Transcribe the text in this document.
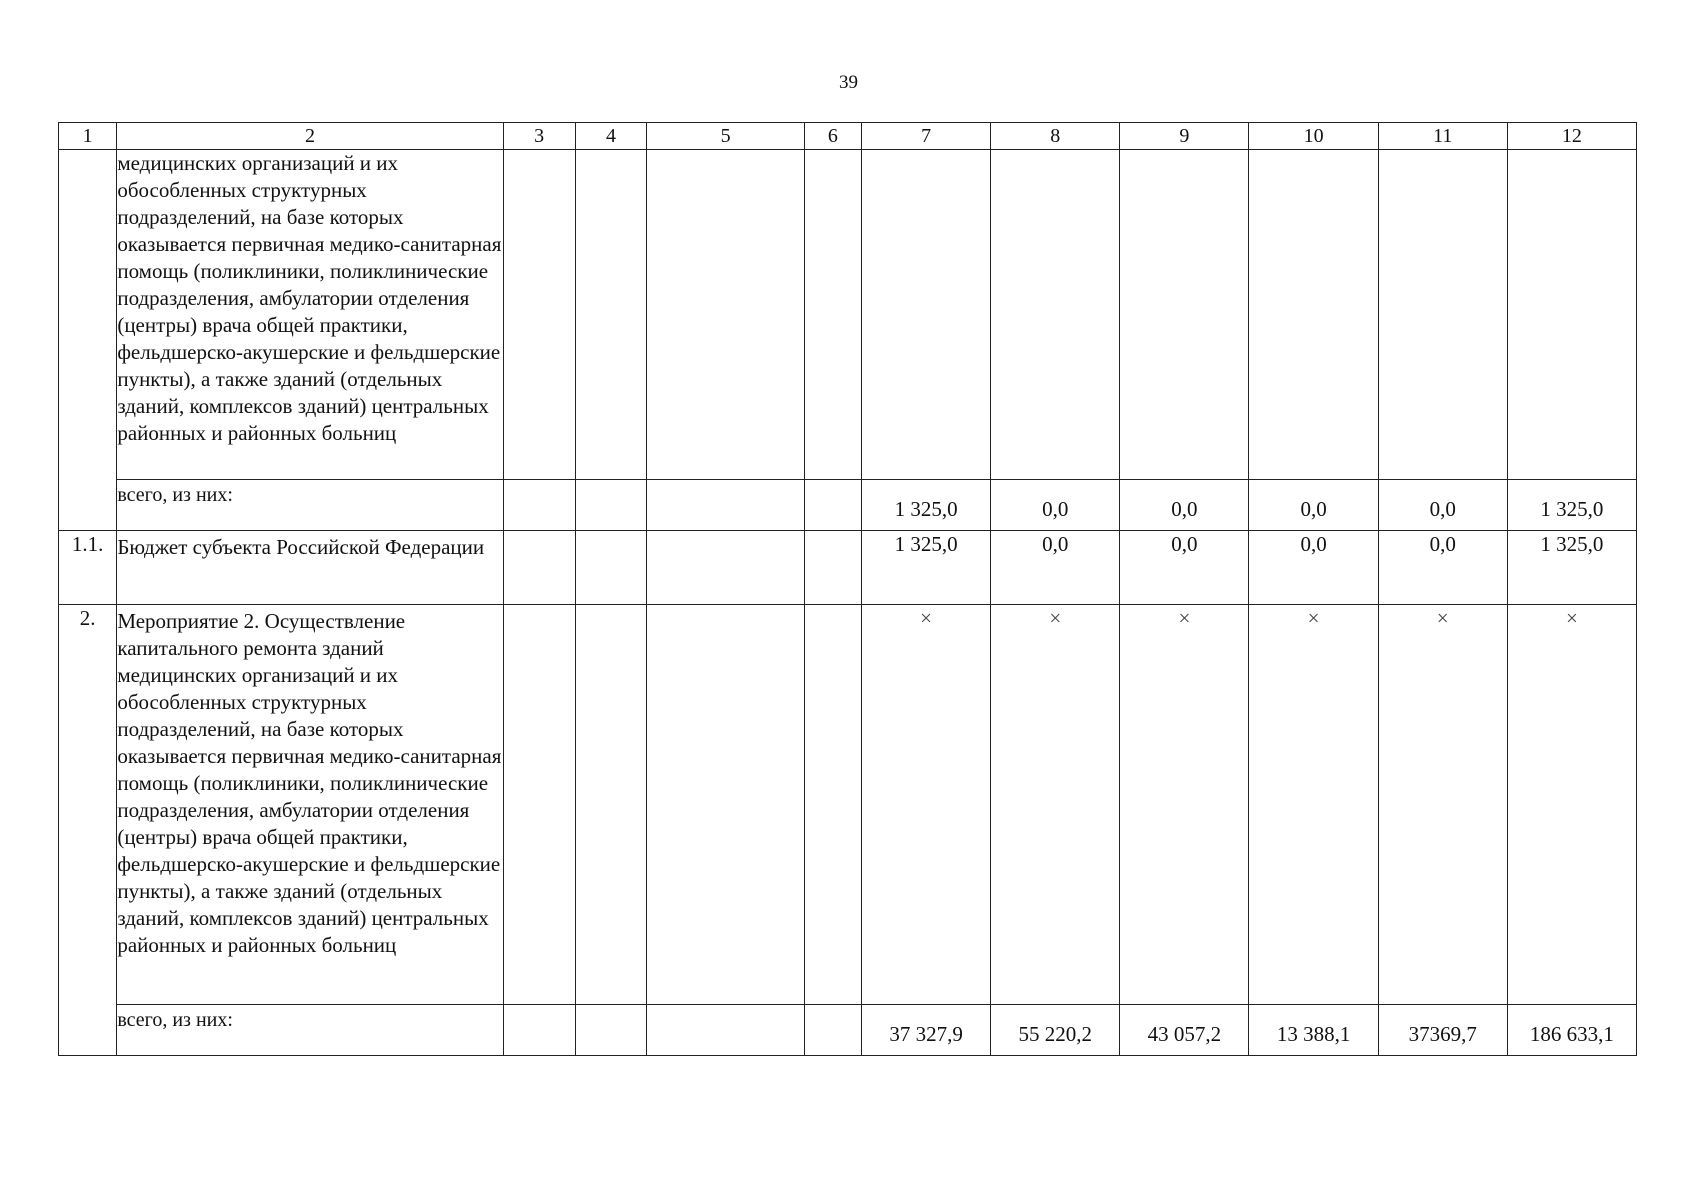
39
1	2	3	4	5	6	7	8	9	10	11	12
	медицинских организаций и их обособленных структурных подразделений, на базе которых оказывается первичная медико-санитарная помощь (поликлиники, поликлинические подразделения, амбулатории отделения (центры) врача общей практики, фельдшерско-акушерские и фельдшерские пункты), а также зданий (отдельных зданий, комплексов зданий) центральных районных и районных больниц										
	всего, из них:					1 325,0	0,0	0,0	0,0	0,0	1 325,0
1.1.	Бюджет субъекта Российской Федерации					1 325,0	0,0	0,0	0,0	0,0	1 325,0
2.	Мероприятие 2. Осуществление капитального ремонта зданий медицинских организаций и их обособленных структурных подразделений, на базе которых оказывается первичная медико-санитарная помощь (поликлиники, поликлинические подразделения, амбулатории отделения (центры) врача общей практики, фельдшерско-акушерские и фельдшерские пункты), а также зданий (отдельных зданий, комплексов зданий) центральных районных и районных больниц					×	×	×	×	×	×
	всего, из них:					37 327,9	55 220,2	43 057,2	13 388,1	37369,7	186 633,1
